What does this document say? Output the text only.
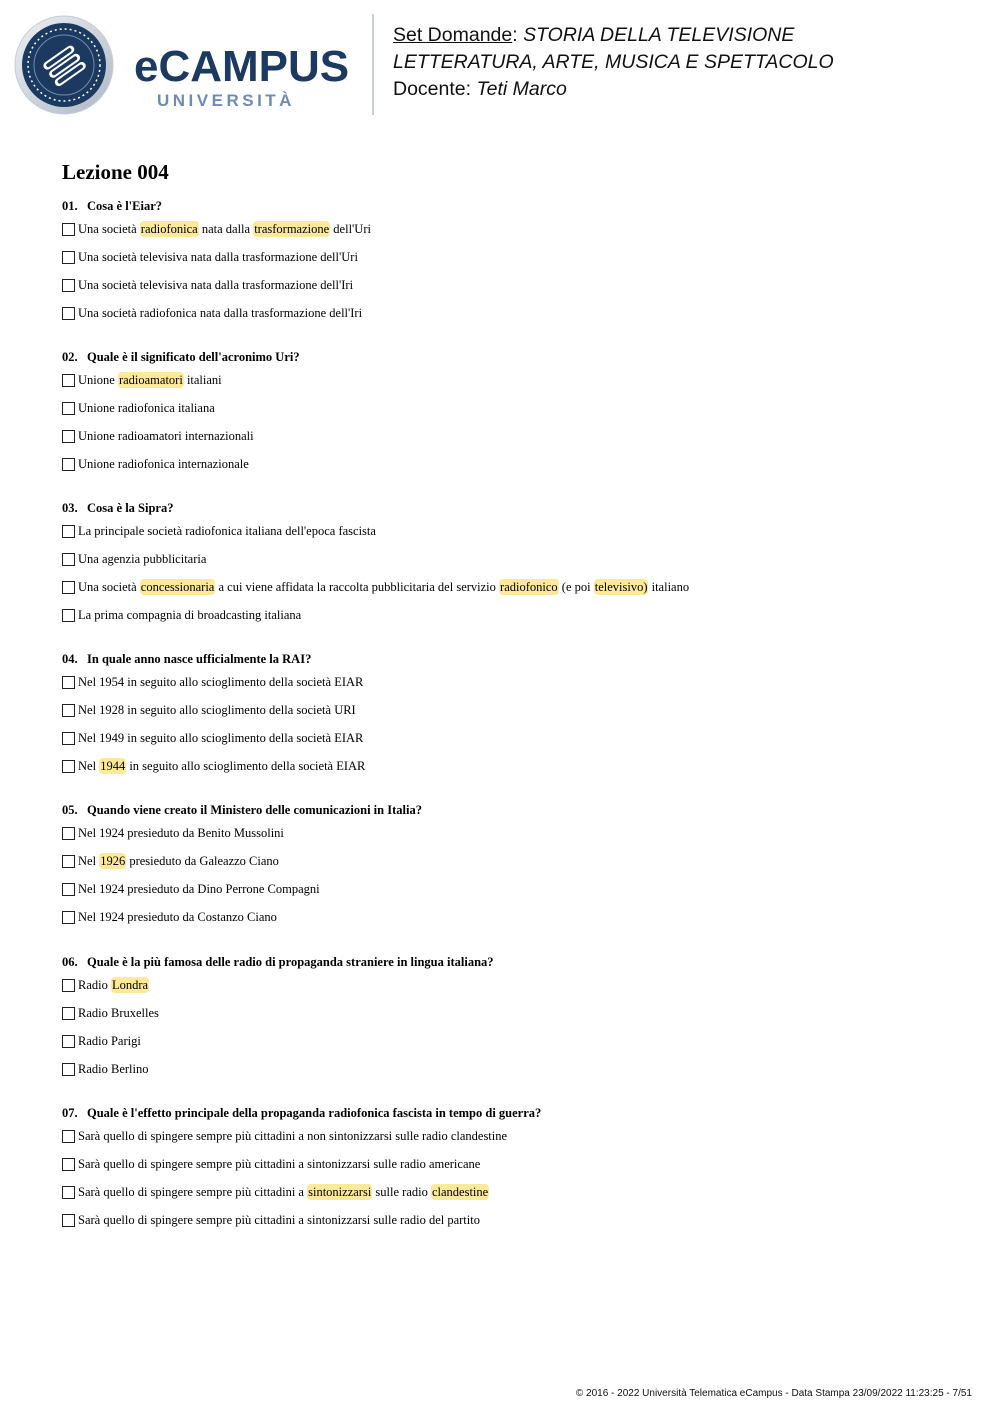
eCAMPUS
UNIVERSITÀ
Set Domande: STORIA DELLA TELEVISIONE
LETTERATURA, ARTE, MUSICA E SPETTACOLO
Docente: Teti Marco
Lezione 004
01. Cosa è l'Eiar?
Una società radiofonica nata dalla trasformazione dell'Uri
Una società televisiva nata dalla trasformazione dell'Uri
Una società televisiva nata dalla trasformazione dell'Iri
Una società radiofonica nata dalla trasformazione dell'Iri
02. Quale è il significato dell'acronimo Uri?
Unione radioamatori italiani
Unione radiofonica italiana
Unione radioamatori internazionali
Unione radiofonica internazionale
03. Cosa è la Sipra?
La principale società radiofonica italiana dell'epoca fascista
Una agenzia pubblicitaria
Una società concessionaria a cui viene affidata la raccolta pubblicitaria del servizio radiofonico (e poi televisivo) italiano
La prima compagnia di broadcasting italiana
04. In quale anno nasce ufficialmente la RAI?
Nel 1954 in seguito allo scioglimento della società EIAR
Nel 1928 in seguito allo scioglimento della società URI
Nel 1949 in seguito allo scioglimento della società EIAR
Nel 1944 in seguito allo scioglimento della società EIAR
05. Quando viene creato il Ministero delle comunicazioni in Italia?
Nel 1924 presieduto da Benito Mussolini
Nel 1926 presieduto da Galeazzo Ciano
Nel 1924 presieduto da Dino Perrone Compagni
Nel 1924 presieduto da Costanzo Ciano
06. Quale è la più famosa delle radio di propaganda straniere in lingua italiana?
Radio Londra
Radio Bruxelles
Radio Parigi
Radio Berlino
07. Quale è l'effetto principale della propaganda radiofonica fascista in tempo di guerra?
Sarà quello di spingere sempre più cittadini a non sintonizzarsi sulle radio clandestine
Sarà quello di spingere sempre più cittadini a sintonizzarsi sulle radio americane
Sarà quello di spingere sempre più cittadini a sintonizzarsi sulle radio clandestine
Sarà quello di spingere sempre più cittadini a sintonizzarsi sulle radio del partito
© 2016 - 2022 Università Telematica eCampus - Data Stampa 23/09/2022 11:23:25 - 7/51
